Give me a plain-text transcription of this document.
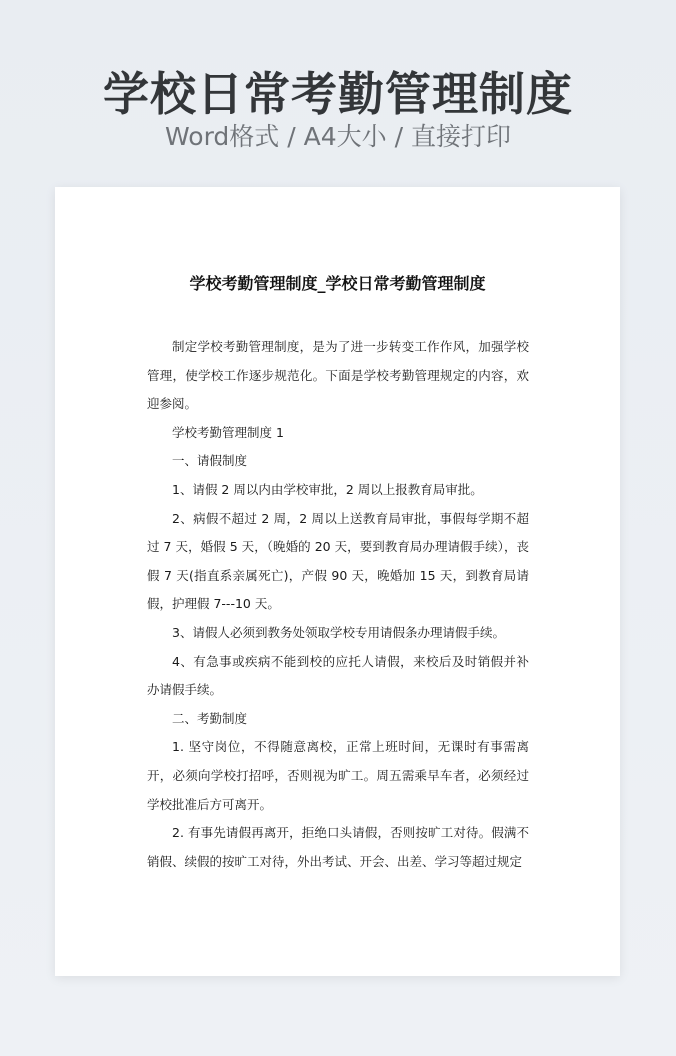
学校日常考勤管理制度
Word格式 / A4大小 / 直接打印
学校考勤管理制度_学校日常考勤管理制度

制定学校考勤管理制度，是为了进一步转变工作作风，加强学校管理，使学校工作逐步规范化。下面是学校考勤管理规定的内容，欢迎参阅。

学校考勤管理制度 1

一、请假制度

1、请假 2 周以内由学校审批，2 周以上报教育局审批。

2、病假不超过 2 周，2 周以上送教育局审批，事假每学期不超过 7 天，婚假 5 天，（晚婚的 20 天，要到教育局办理请假手续），丧假 7 天(指直系亲属死亡)，产假 90 天，晚婚加 15 天，到教育局请假，护理假 7---10 天。

3、请假人必须到教务处领取学校专用请假条办理请假手续。

4、有急事或疾病不能到校的应托人请假，来校后及时销假并补办请假手续。

二、考勤制度

1. 坚守岗位，不得随意离校，正常上班时间，无课时有事需离开，必须向学校打招呼，否则视为旷工。周五需乘早车者，必须经过学校批准后方可离开。

2. 有事先请假再离开，拒绝口头请假，否则按旷工对待。假满不销假、续假的按旷工对待，外出考试、开会、出差、学习等超过规定
